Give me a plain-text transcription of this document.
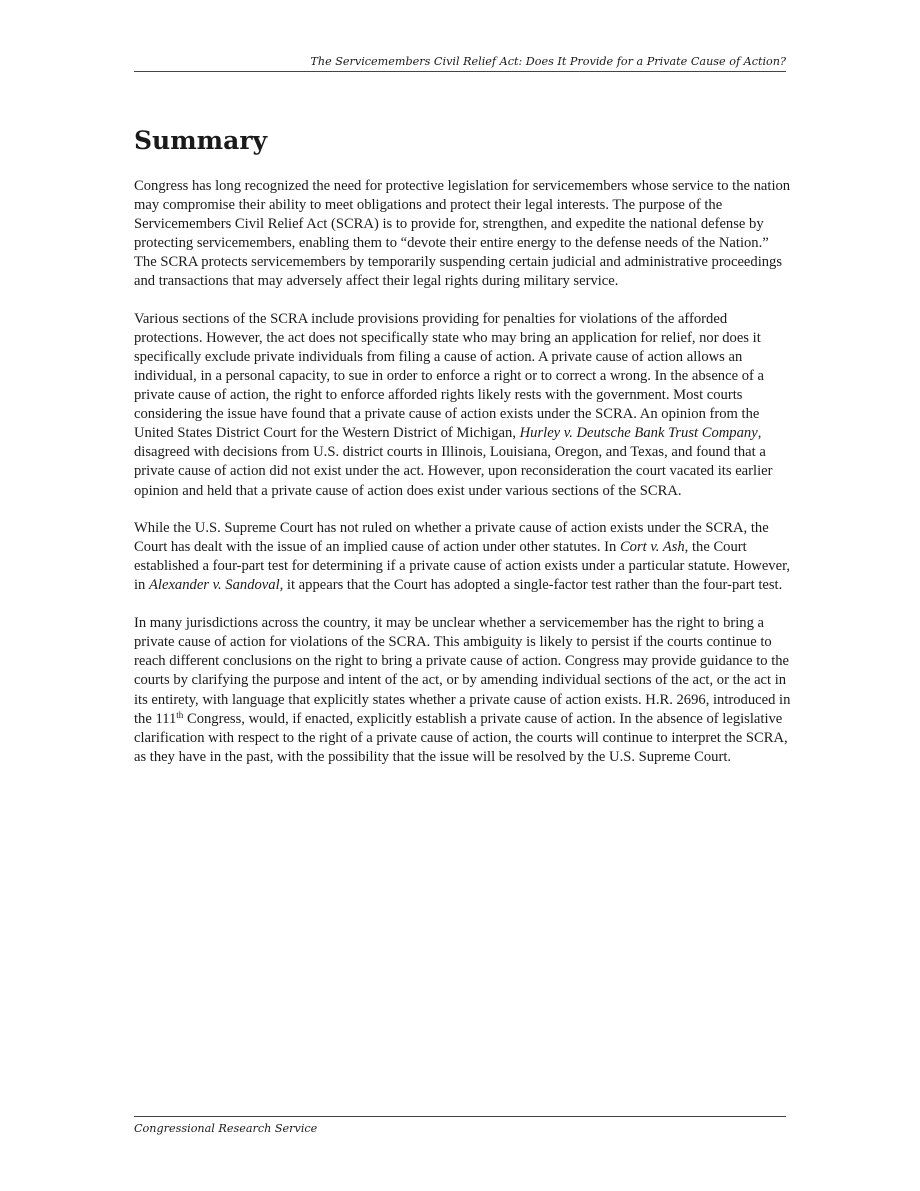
The Servicemembers Civil Relief Act: Does It Provide for a Private Cause of Action?
Summary

Congress has long recognized the need for protective legislation for servicemembers whose service to the nation may compromise their ability to meet obligations and protect their legal interests. The purpose of the Servicemembers Civil Relief Act (SCRA) is to provide for, strengthen, and expedite the national defense by protecting servicemembers, enabling them to “devote their entire energy to the defense needs of the Nation.” The SCRA protects servicemembers by temporarily suspending certain judicial and administrative proceedings and transactions that may adversely affect their legal rights during military service.

Various sections of the SCRA include provisions providing for penalties for violations of the afforded protections. However, the act does not specifically state who may bring an application for relief, nor does it specifically exclude private individuals from filing a cause of action. A private cause of action allows an individual, in a personal capacity, to sue in order to enforce a right or to correct a wrong. In the absence of a private cause of action, the right to enforce afforded rights likely rests with the government. Most courts considering the issue have found that a private cause of action exists under the SCRA. An opinion from the United States District Court for the Western District of Michigan, Hurley v. Deutsche Bank Trust Company, disagreed with decisions from U.S. district courts in Illinois, Louisiana, Oregon, and Texas, and found that a private cause of action did not exist under the act. However, upon reconsideration the court vacated its earlier opinion and held that a private cause of action does exist under various sections of the SCRA.

While the U.S. Supreme Court has not ruled on whether a private cause of action exists under the SCRA, the Court has dealt with the issue of an implied cause of action under other statutes. In Cort v. Ash, the Court established a four-part test for determining if a private cause of action exists under a particular statute. However, in Alexander v. Sandoval, it appears that the Court has adopted a single-factor test rather than the four-part test.

In many jurisdictions across the country, it may be unclear whether a servicemember has the right to bring a private cause of action for violations of the SCRA. This ambiguity is likely to persist if the courts continue to reach different conclusions on the right to bring a private cause of action. Congress may provide guidance to the courts by clarifying the purpose and intent of the act, or by amending individual sections of the act, or the act in its entirety, with language that explicitly states whether a private cause of action exists. H.R. 2696, introduced in the 111th Congress, would, if enacted, explicitly establish a private cause of action. In the absence of legislative clarification with respect to the right of a private cause of action, the courts will continue to interpret the SCRA, as they have in the past, with the possibility that the issue will be resolved by the U.S. Supreme Court.

Congressional Research Service
